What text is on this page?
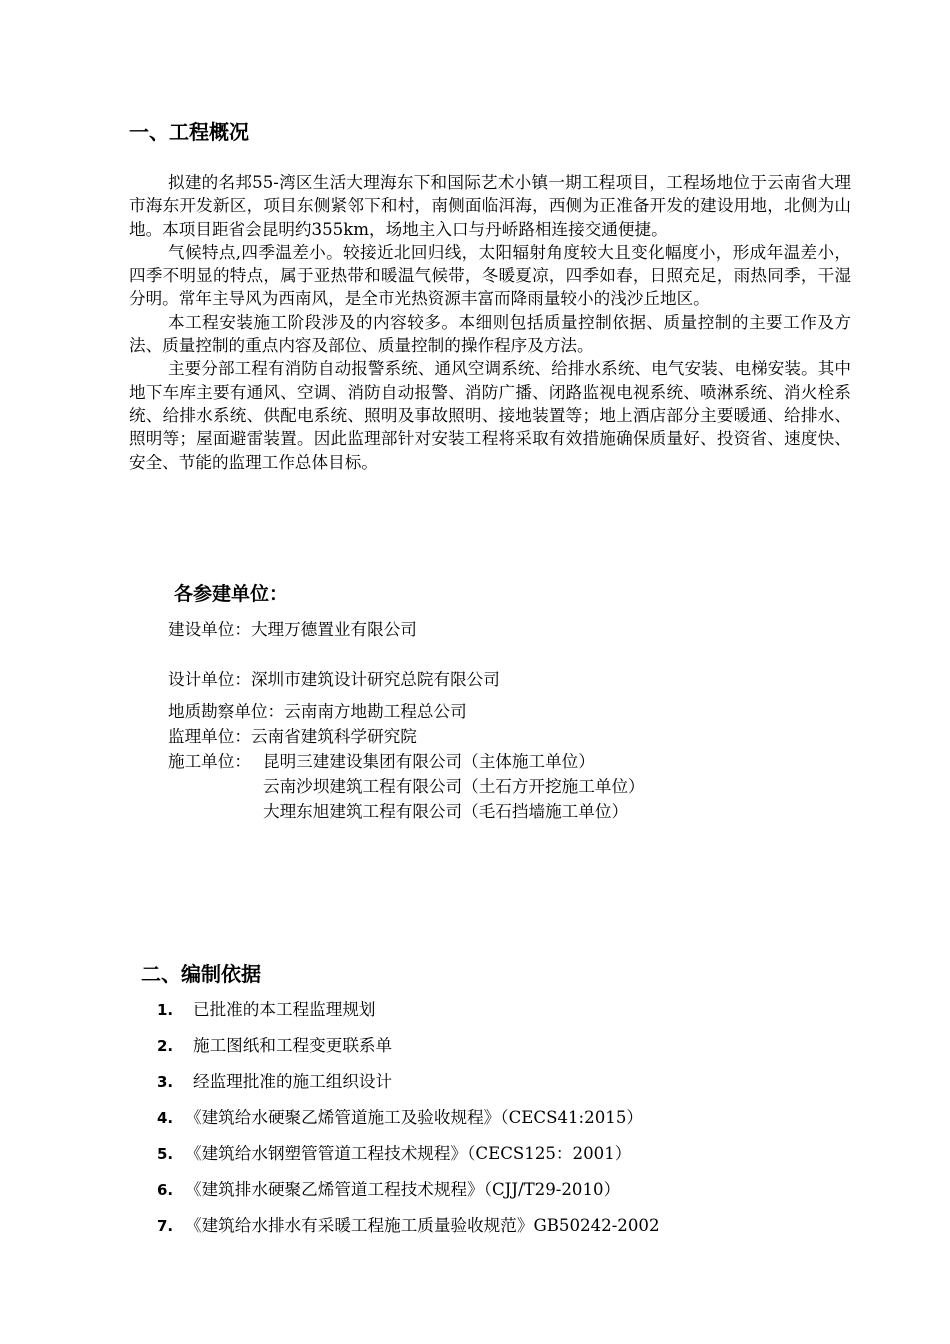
一、工程概况

拟建的名邦55-湾区生活大理海东下和国际艺术小镇一期工程项目，工程场地位于云南省大理市海东开发新区，项目东侧紧邻下和村，南侧面临洱海，西侧为正准备开发的建设用地，北侧为山地。本项目距省会昆明约355km，场地主入口与丹峤路相连接交通便捷。

气候特点,四季温差小。较接近北回归线，太阳辐射角度较大且变化幅度小，形成年温差小，四季不明显的特点，属于亚热带和暖温气候带，冬暖夏凉，四季如春，日照充足，雨热同季，干湿分明。常年主导风为西南风，是全市光热资源丰富而降雨量较小的浅沙丘地区。

本工程安装施工阶段涉及的内容较多。本细则包括质量控制依据、质量控制的主要工作及方法、质量控制的重点内容及部位、质量控制的操作程序及方法。

主要分部工程有消防自动报警系统、通风空调系统、给排水系统、电气安装、电梯安装。其中地下车库主要有通风、空调、消防自动报警、消防广播、闭路监视电视系统、喷淋系统、消火栓系统、给排水系统、供配电系统、照明及事故照明、接地装置等；地上酒店部分主要暖通、给排水、照明等；屋面避雷装置。因此监理部针对安装工程将采取有效措施确保质量好、投资省、速度快、安全、节能的监理工作总体目标。

各参建单位：
建设单位：大理万德置业有限公司
设计单位：深圳市建筑设计研究总院有限公司
地质勘察单位：云南南方地勘工程总公司
监理单位：云南省建筑科学研究院
施工单位： 昆明三建建设集团有限公司（主体施工单位）
云南沙坝建筑工程有限公司（土石方开挖施工单位）
大理东旭建筑工程有限公司（毛石挡墙施工单位）
二、编制依据
1. 已批准的本工程监理规划
2. 施工图纸和工程变更联系单
3. 经监理批准的施工组织设计
4. 《建筑给水硬聚乙烯管道施工及验收规程》（CECS41:2015）
5. 《建筑给水钢塑管管道工程技术规程》（CECS125：2001）
6. 《建筑排水硬聚乙烯管道工程技术规程》（CJJ/T29-2010）
7. 《建筑给水排水有采暖工程施工质量验收规范》GB50242-2002
